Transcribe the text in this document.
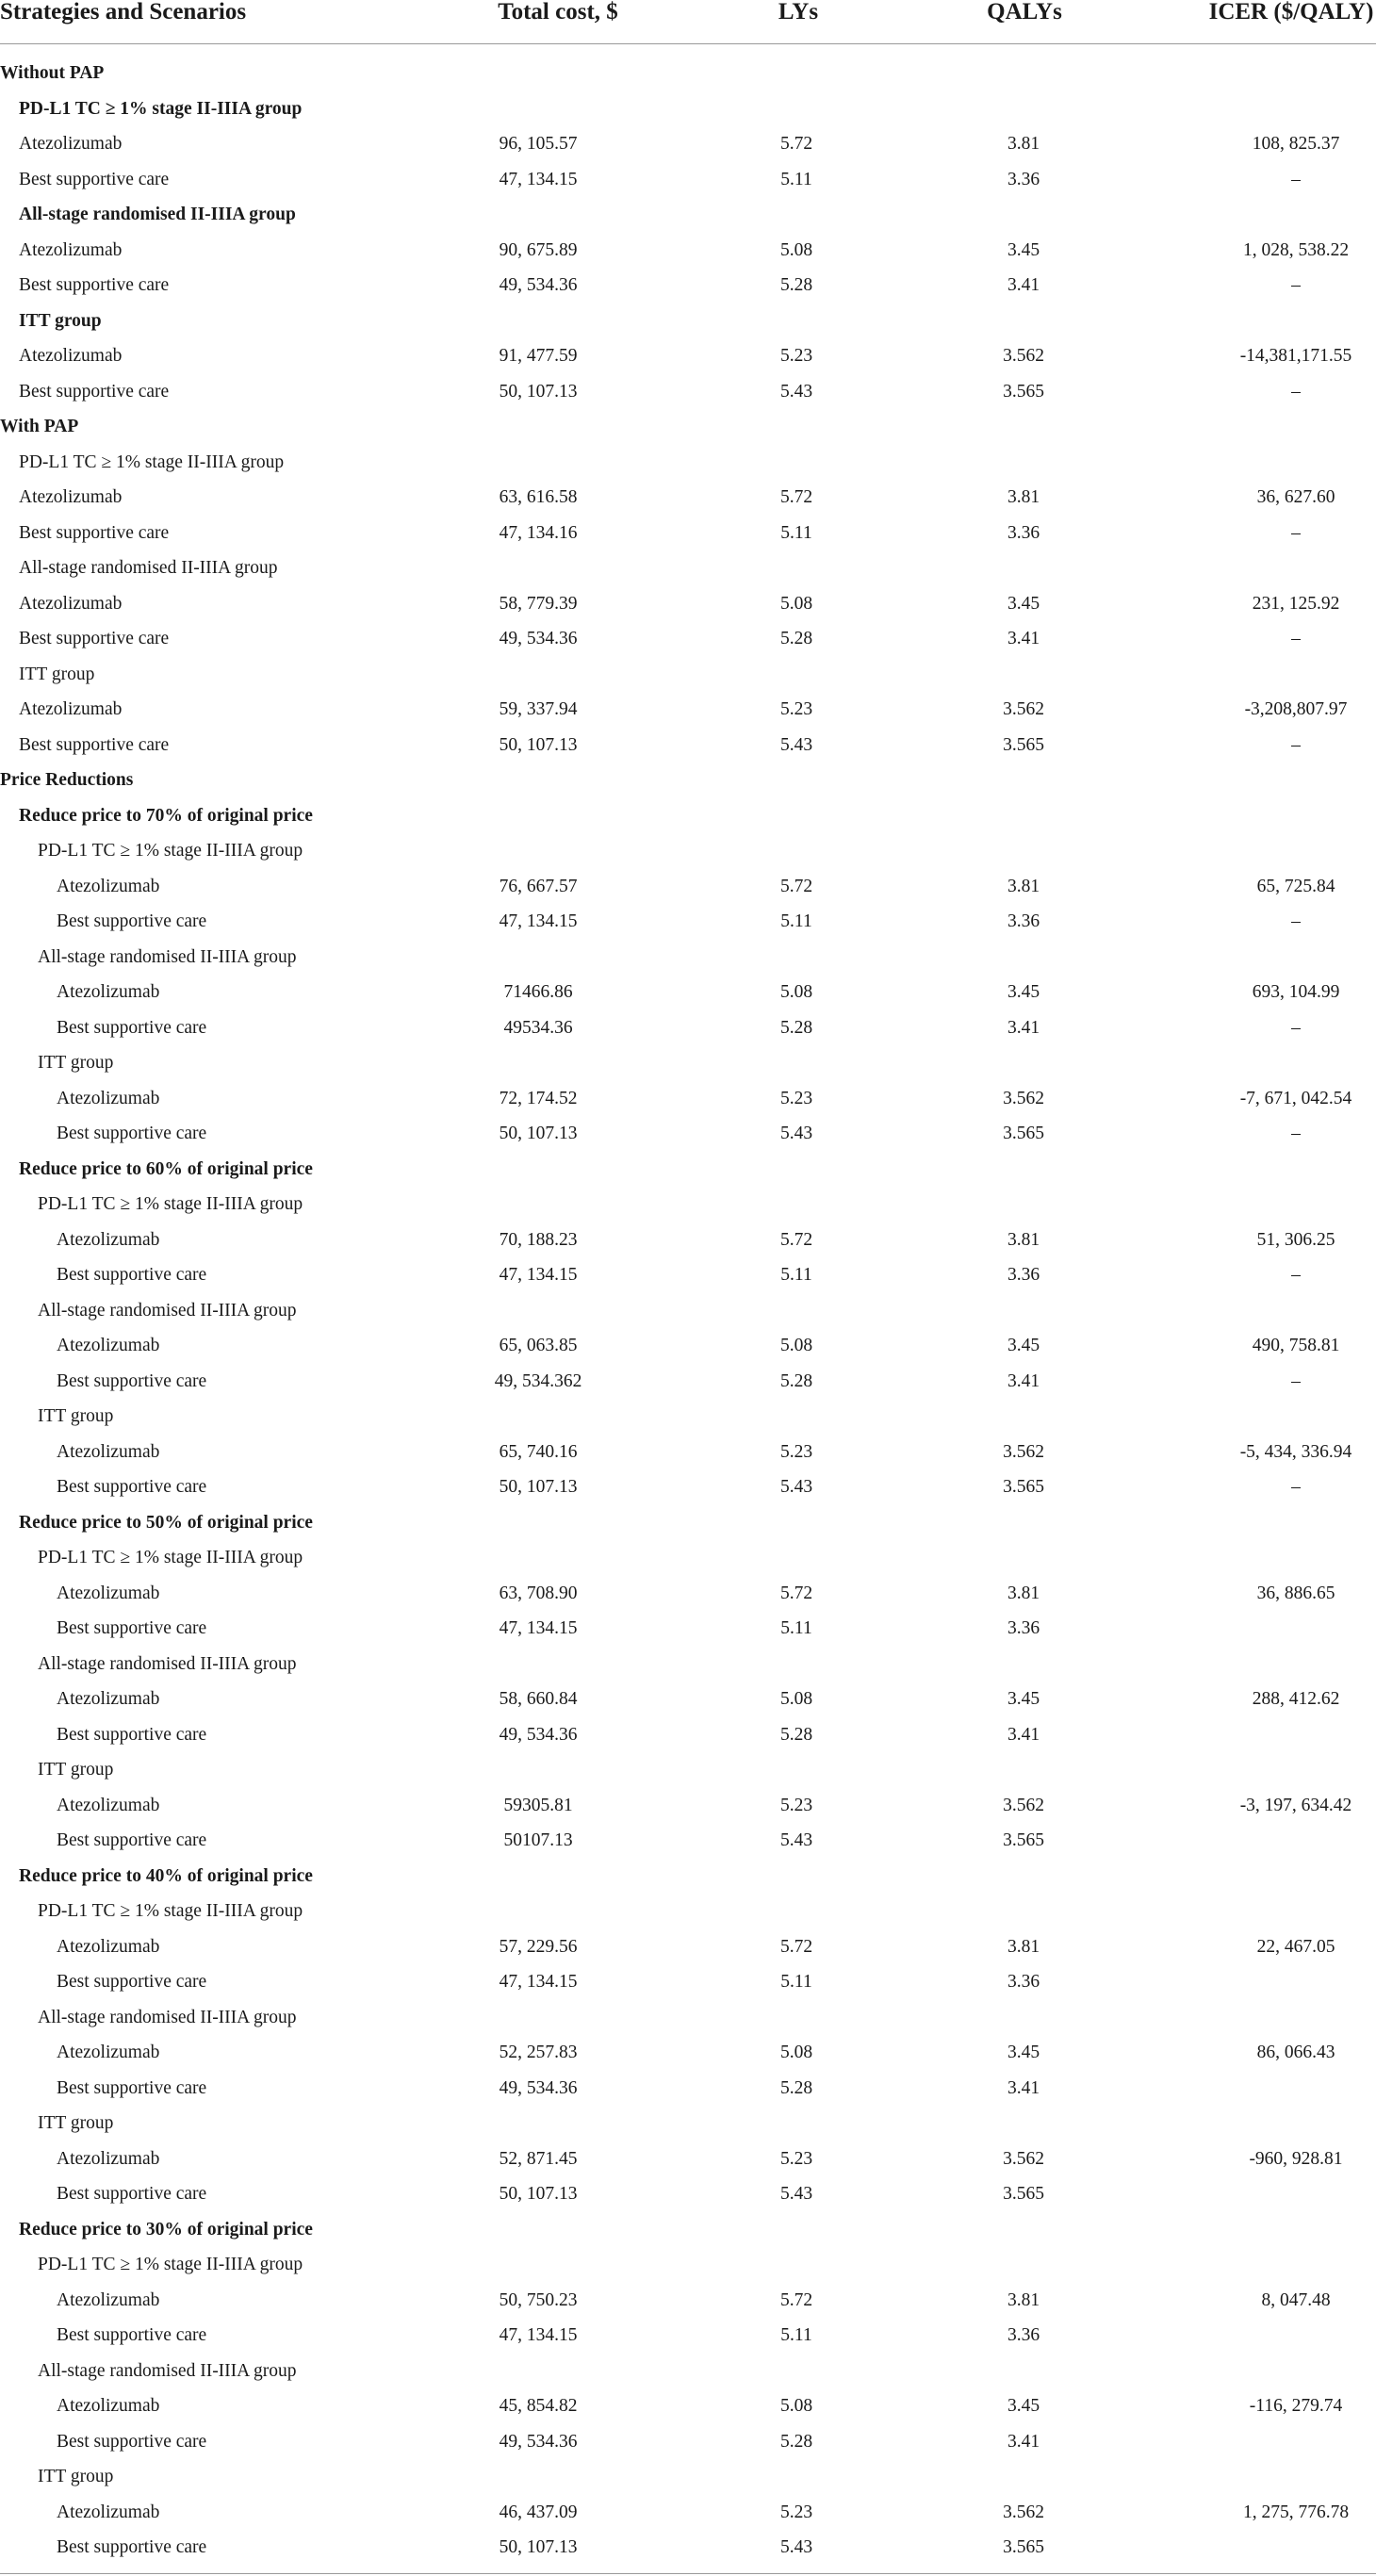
Strategies and Scenarios	Total cost, $	LYs	QALYs	ICER ($/QALY)
Without PAP
PD-L1 TC ≥ 1% stage II-IIIA group
Atezolizumab	96, 105.57	5.72	3.81	108, 825.37
Best supportive care	47, 134.15	5.11	3.36	–
All-stage randomised II-IIIA group
Atezolizumab	90, 675.89	5.08	3.45	1, 028, 538.22
Best supportive care	49, 534.36	5.28	3.41	–
ITT group
Atezolizumab	91, 477.59	5.23	3.562	-14,381,171.55
Best supportive care	50, 107.13	5.43	3.565	–
With PAP
PD-L1 TC ≥ 1% stage II-IIIA group
Atezolizumab	63, 616.58	5.72	3.81	36, 627.60
Best supportive care	47, 134.16	5.11	3.36	–
All-stage randomised II-IIIA group
Atezolizumab	58, 779.39	5.08	3.45	231, 125.92
Best supportive care	49, 534.36	5.28	3.41	–
ITT group
Atezolizumab	59, 337.94	5.23	3.562	-3,208,807.97
Best supportive care	50, 107.13	5.43	3.565	–
Price Reductions
Reduce price to 70% of original price
PD-L1 TC ≥ 1% stage II-IIIA group
Atezolizumab	76, 667.57	5.72	3.81	65, 725.84
Best supportive care	47, 134.15	5.11	3.36	–
All-stage randomised II-IIIA group
Atezolizumab	71466.86	5.08	3.45	693, 104.99
Best supportive care	49534.36	5.28	3.41	–
ITT group
Atezolizumab	72, 174.52	5.23	3.562	-7, 671, 042.54
Best supportive care	50, 107.13	5.43	3.565	–
Reduce price to 60% of original price
PD-L1 TC ≥ 1% stage II-IIIA group
Atezolizumab	70, 188.23	5.72	3.81	51, 306.25
Best supportive care	47, 134.15	5.11	3.36	–
All-stage randomised II-IIIA group
Atezolizumab	65, 063.85	5.08	3.45	490, 758.81
Best supportive care	49, 534.362	5.28	3.41	–
ITT group
Atezolizumab	65, 740.16	5.23	3.562	-5, 434, 336.94
Best supportive care	50, 107.13	5.43	3.565	–
Reduce price to 50% of original price
PD-L1 TC ≥ 1% stage II-IIIA group
Atezolizumab	63, 708.90	5.72	3.81	36, 886.65
Best supportive care	47, 134.15	5.11	3.36
All-stage randomised II-IIIA group
Atezolizumab	58, 660.84	5.08	3.45	288, 412.62
Best supportive care	49, 534.36	5.28	3.41
ITT group
Atezolizumab	59305.81	5.23	3.562	-3, 197, 634.42
Best supportive care	50107.13	5.43	3.565
Reduce price to 40% of original price
PD-L1 TC ≥ 1% stage II-IIIA group
Atezolizumab	57, 229.56	5.72	3.81	22, 467.05
Best supportive care	47, 134.15	5.11	3.36
All-stage randomised II-IIIA group
Atezolizumab	52, 257.83	5.08	3.45	86, 066.43
Best supportive care	49, 534.36	5.28	3.41
ITT group
Atezolizumab	52, 871.45	5.23	3.562	-960, 928.81
Best supportive care	50, 107.13	5.43	3.565
Reduce price to 30% of original price
PD-L1 TC ≥ 1% stage II-IIIA group
Atezolizumab	50, 750.23	5.72	3.81	8, 047.48
Best supportive care	47, 134.15	5.11	3.36
All-stage randomised II-IIIA group
Atezolizumab	45, 854.82	5.08	3.45	-116, 279.74
Best supportive care	49, 534.36	5.28	3.41
ITT group
Atezolizumab	46, 437.09	5.23	3.562	1, 275, 776.78
Best supportive care	50, 107.13	5.43	3.565
